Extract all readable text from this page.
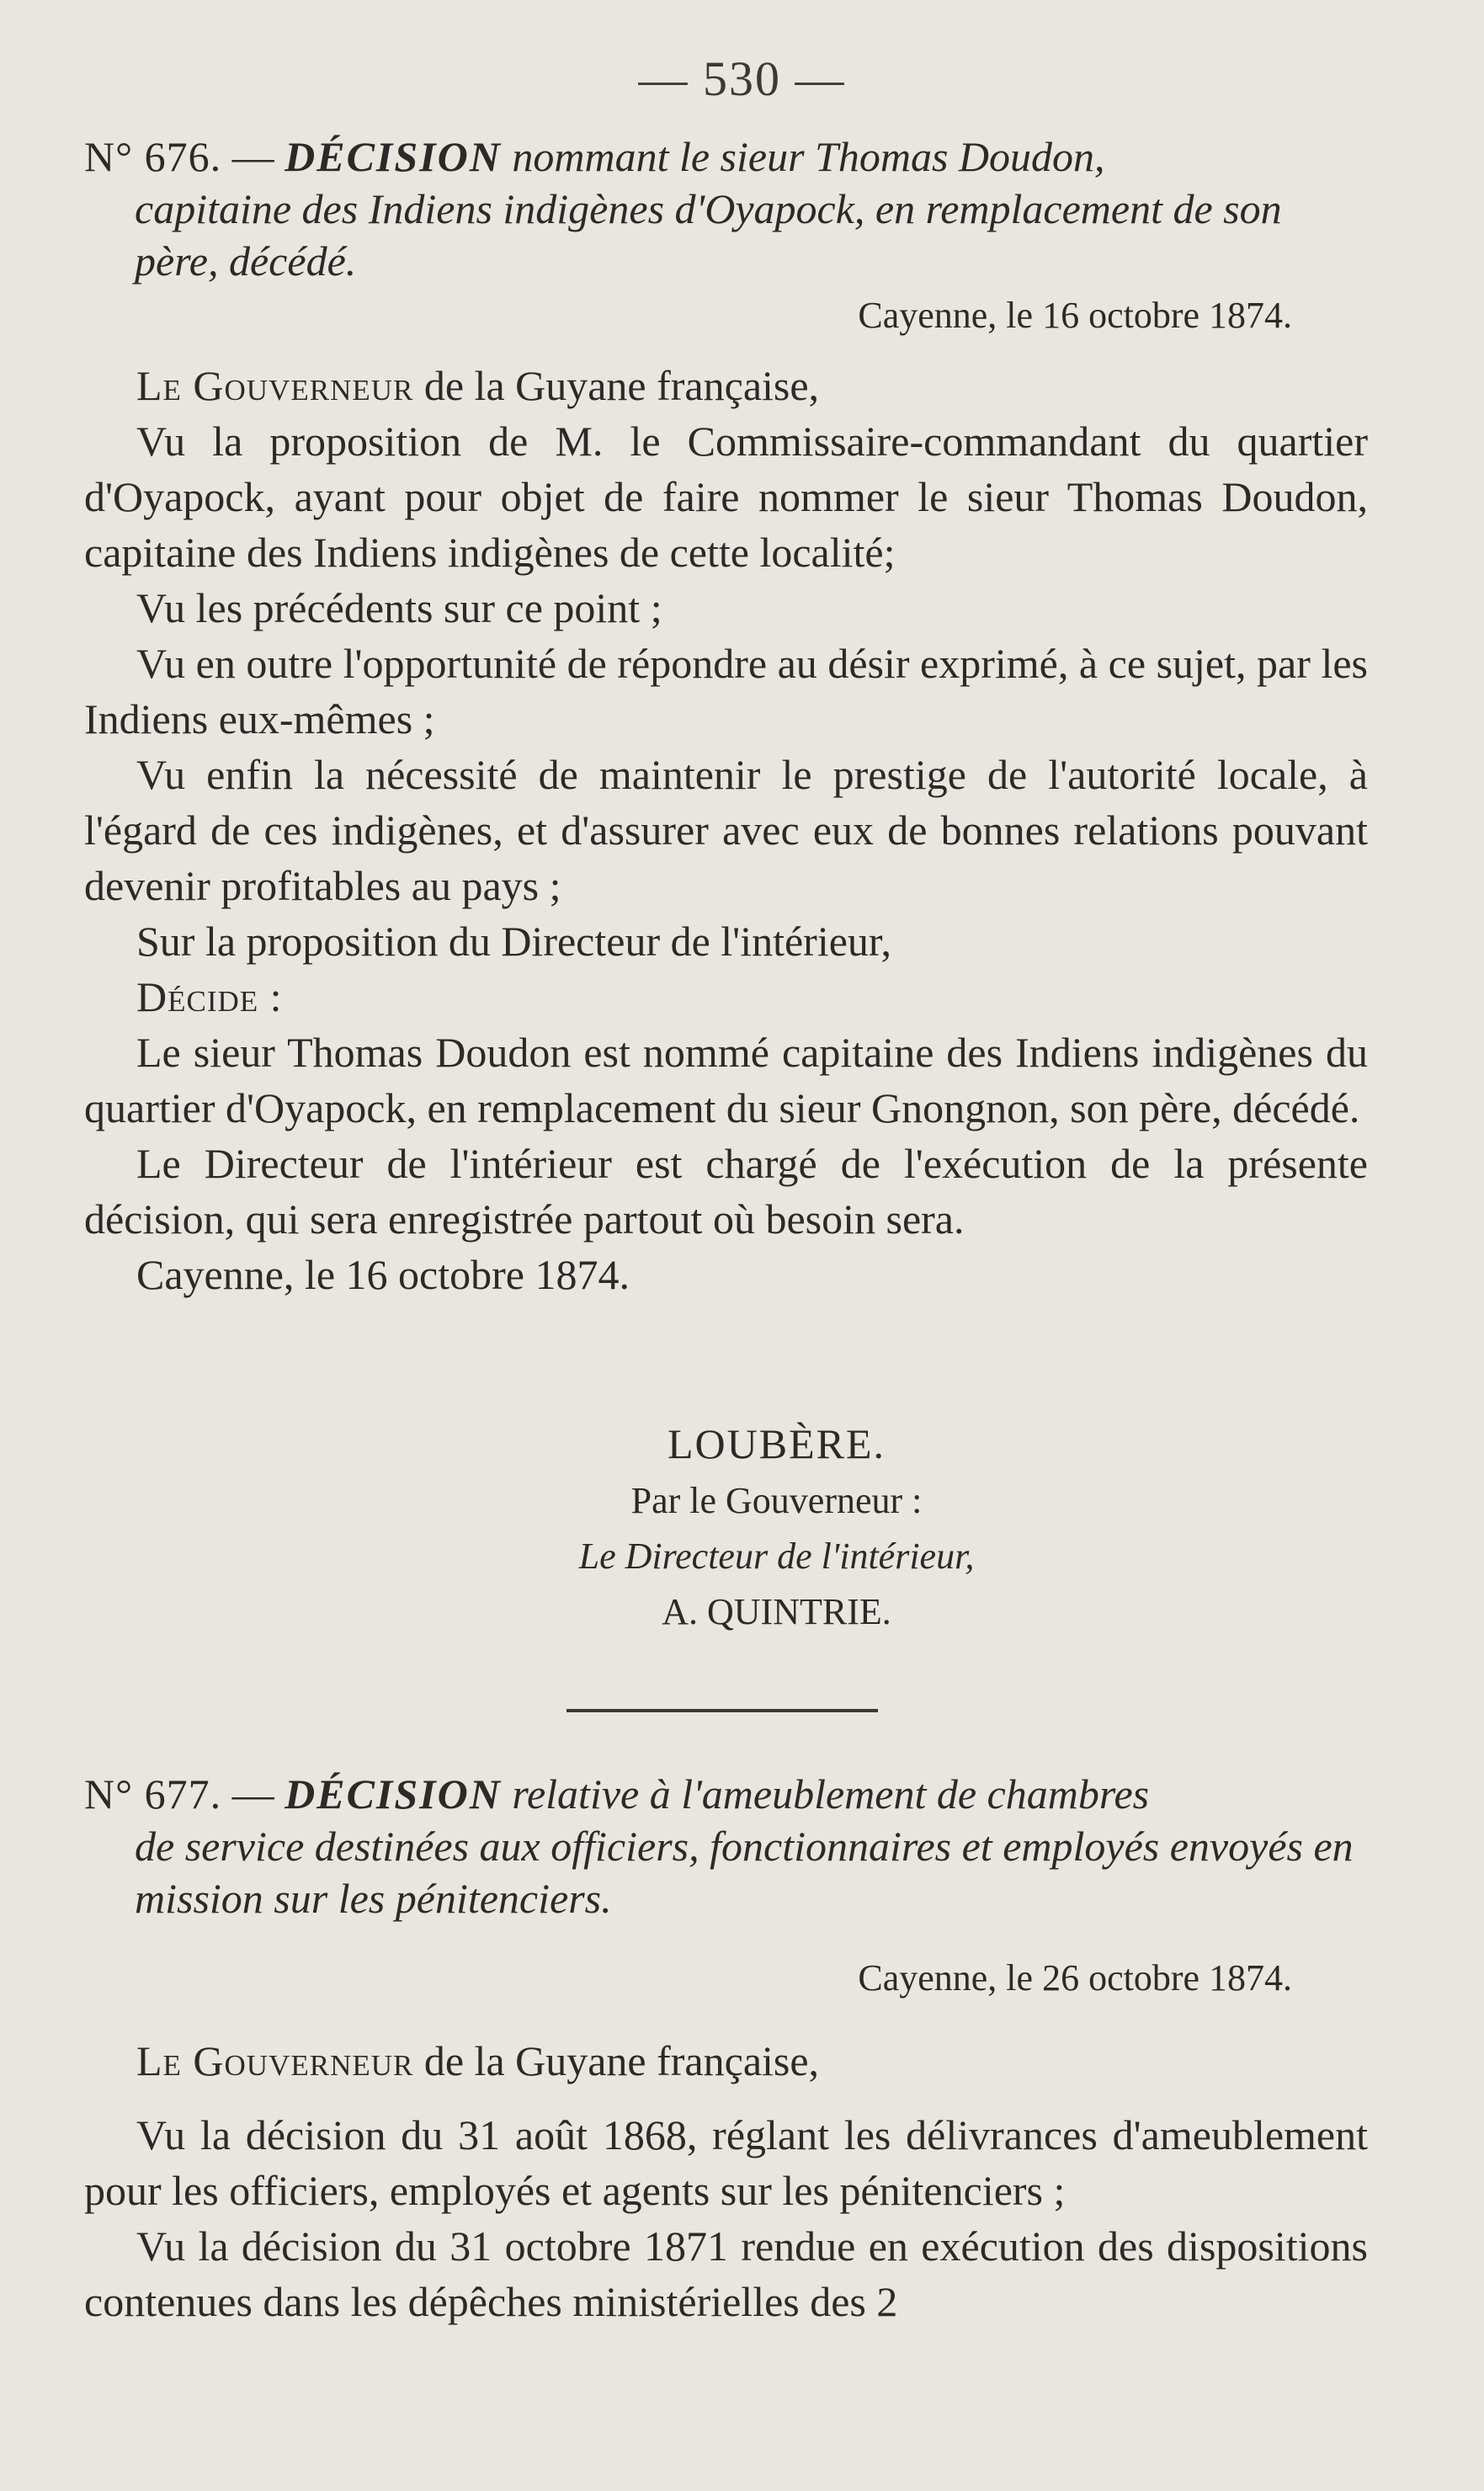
— 530 —

N° 676. — DÉCISION nommant le sieur Thomas Doudon,

capitaine des Indiens indigènes d'Oyapock, en remplacement de son père, décédé.

Cayenne, le 16 octobre 1874.

Le Gouverneur de la Guyane française,

Vu la proposition de M. le Commissaire-commandant du quartier d'Oyapock, ayant pour objet de faire nommer le sieur Thomas Doudon, capitaine des Indiens indigènes de cette localité;

Vu les précédents sur ce point ;

Vu en outre l'opportunité de répondre au désir exprimé, à ce sujet, par les Indiens eux-mêmes ;

Vu enfin la nécessité de maintenir le prestige de l'autorité locale, à l'égard de ces indigènes, et d'assurer avec eux de bonnes relations pouvant devenir profitables au pays ;

Sur la proposition du Directeur de l'intérieur,

Décide :

Le sieur Thomas Doudon est nommé capitaine des Indiens indigènes du quartier d'Oyapock, en remplacement du sieur Gnongnon, son père, décédé.

Le Directeur de l'intérieur est chargé de l'exécution de la présente décision, qui sera enregistrée partout où besoin sera.

Cayenne, le 16 octobre 1874.

LOUBÈRE.

Par le Gouverneur :

Le Directeur de l'intérieur,

A. QUINTRIE.

N° 677. — DÉCISION relative à l'ameublement de chambres

de service destinées aux officiers, fonctionnaires et employés envoyés en mission sur les pénitenciers.

Cayenne, le 26 octobre 1874.

Le Gouverneur de la Guyane française,

Vu la décision du 31 août 1868, réglant les délivrances d'ameublement pour les officiers, employés et agents sur les pénitenciers ;

Vu la décision du 31 octobre 1871 rendue en exécution des dispositions contenues dans les dépêches ministérielles des 2
